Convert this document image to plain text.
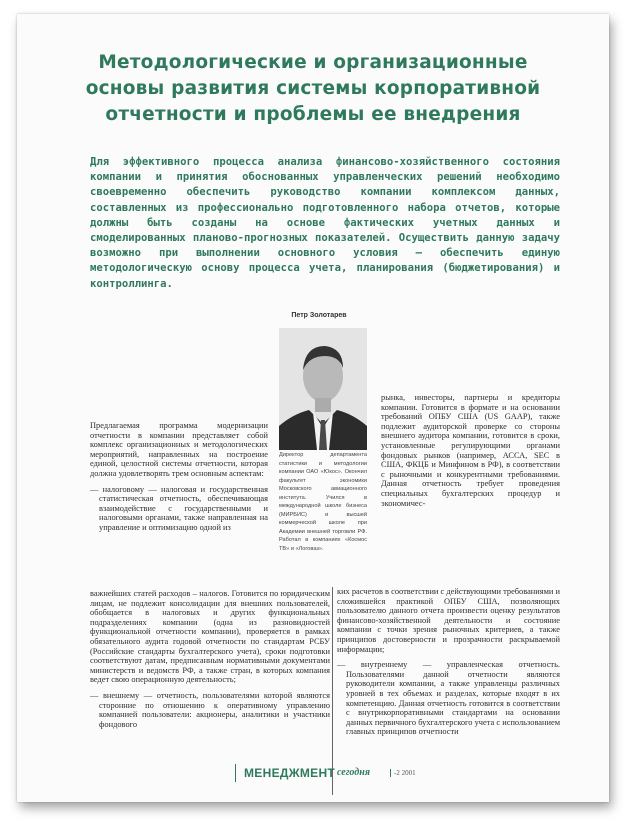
Методологические и организационные основы развития системы корпоративной отчетности и проблемы ее внедрения
Для эффективного процесса анализа финансово-хозяйственного состояния компании и принятия обоснованных управленческих решений необходимо своевременно обеспечить руководство компании комплексом данных, составленных из профессионально подготовленного набора отчетов, которые должны быть созданы на основе фактических учетных данных и смоделированных планово-прогнозных показателей. Осуществить данную задачу возможно при выполнении основного условия — обеспечить единую методологическую основу процесса учета, планирования (бюджетирования) и контроллинга.
Петр Золотарев
Директор департамента статистики и методологии компании ОАО «Юкос». Окончил факультет экономики Московского авиационного института. Учился в международной школе бизнеса (МИРБИС) и высшей коммерческой школе при Академии внешней торговли РФ. Работал в компаниях «Космос ТВ» и «Логоваз».

Предлагаемая программа модернизации отчетности в компании представляет собой комплекс организационных и методологических мероприятий, направленных на построение единой, целостной системы отчетности, которая должна удовлетворять трем основным аспектам:

— налоговому — налоговая и государственная статистическая отчетность, обеспечивающая взаимодействие с государственными и налоговыми органами, также направленная на управление и оптимизацию одной из

важнейших статей расходов – налогов. Готовится по юридическим лицам, не подлежит консолидации для внешних пользователей, обобщается в налоговых и других функциональных подразделениях компании (одна из разновидностей функциональной отчетности компании), проверяется в рамках обязательного аудита годовой отчетности по стандартам РСБУ (Российские стандарты бухгалтерского учета), сроки подготовки соответствуют датам, предписанным нормативными документами министерств и ведомств РФ, а также стран, в которых компания ведет свою операционную деятельность;

— внешнему — отчетность, пользователями которой являются сторонние по отношению к оперативному управлению компанией пользователи: акционеры, аналитики и участники фондового

рынка, инвесторы, партнеры и кредиторы компании. Готовится в формате и на основании требований ОПБУ США (US GAAP), также подлежит аудиторской проверке со стороны внешнего аудитора компании, готовится в сроки, установленные регулирующими органами фондовых рынков (например, АССА, SEC в США, ФКЦБ и Минфином в РФ), в соответствии с рыночными и конкурентными требованиями. Данная отчетность требует проведения специальных бухгалтерских процедур и экономичес-

ких расчетов в соответствии с действующими требованиями и сложившейся практикой ОПБУ США, позволяющих пользователю данного отчета произвести оценку результатов финансово-хозяйственной деятельности и состояние компании с точки зрения рыночных критериев, а также принципов достоверности и прозрачности раскрываемой информации;

— внутреннему — управленческая отчетность. Пользователями данной отчетности являются руководители компании, а также управленцы различных уровней в тех объемах и разделах, которые входят в их компетенцию. Данная отчетность готовится в соответствии с внутрикорпоративными стандартами на основании данных первичного бухгалтерского учета с использованием главных принципов отчетности

МЕНЕДЖМЕНТ сегодня	-2 2001
